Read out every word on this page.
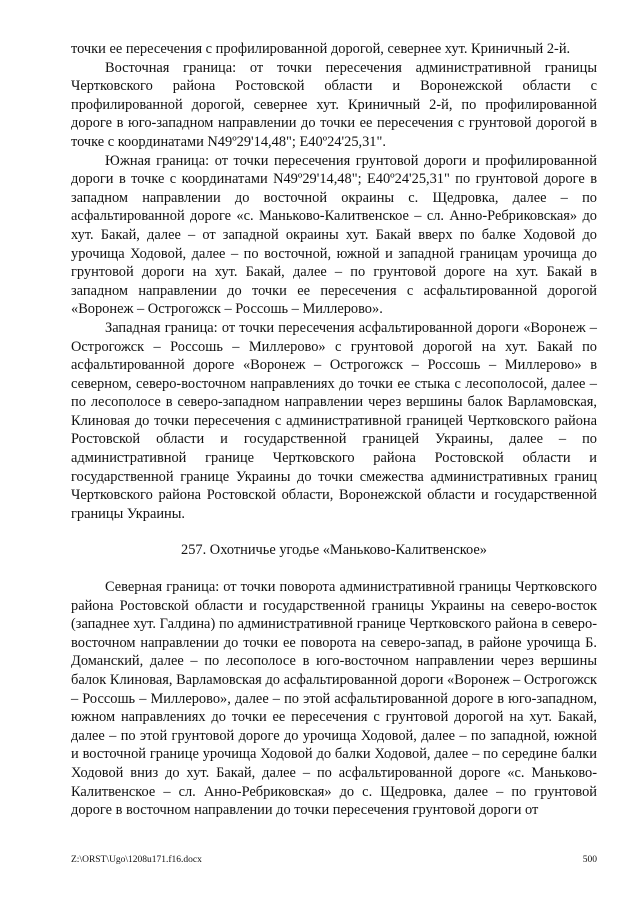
точки ее пересечения с профилированной дорогой, севернее хут. Криничный 2-й.

Восточная граница: от точки пересечения административной границы Чертковского района Ростовской области и Воронежской области с профилированной дорогой, севернее хут. Криничный 2-й, по профилированной дороге в юго-западном направлении до точки ее пересечения с грунтовой дорогой в точке с координатами N49º29'14,48"; E40º24'25,31".

Южная граница: от точки пересечения грунтовой дороги и профилированной дороги в точке с координатами N49º29'14,48"; E40º24'25,31" по грунтовой дороге в западном направлении до восточной окраины с. Щедровка, далее – по асфальтированной дороге «с. Маньково-Калитвенское – сл. Анно-Ребриковская» до хут. Бакай, далее – от западной окраины хут. Бакай вверх по балке Ходовой до урочища Ходовой, далее – по восточной, южной и западной границам урочища до грунтовой дороги на хут. Бакай, далее – по грунтовой дороге на хут. Бакай в западном направлении до точки ее пересечения с асфальтированной дорогой «Воронеж – Острогожск – Россошь – Миллерово».

Западная граница: от точки пересечения асфальтированной дороги «Воронеж – Острогожск – Россошь – Миллерово» с грунтовой дорогой на хут. Бакай по асфальтированной дороге «Воронеж – Острогожск – Россошь – Миллерово» в северном, северо-восточном направлениях до точки ее стыка с лесополосой, далее – по лесополосе в северо-западном направлении через вершины балок Варламовская, Клиновая до точки пересечения с административной границей Чертковского района Ростовской области и государственной границей Украины, далее – по административной границе Чертковского района Ростовской области и государственной границе Украины до точки смежества административных границ Чертковского района Ростовской области, Воронежской области и государственной границы Украины.

257. Охотничье угодье «Маньково-Калитвенское»

Северная граница: от точки поворота административной границы Чертковского района Ростовской области и государственной границы Украины на северо-восток (западнее хут. Галдина) по административной границе Чертковского района в северо-восточном направлении до точки ее поворота на северо-запад, в районе урочища Б. Доманский, далее – по лесополосе в юго-восточном направлении через вершины балок Клиновая, Варламовская до асфальтированной дороги «Воронеж – Острогожск – Россошь – Миллерово», далее – по этой асфальтированной дороге в юго-западном, южном направлениях до точки ее пересечения с грунтовой дорогой на хут. Бакай, далее – по этой грунтовой дороге до урочища Ходовой, далее – по западной, южной и восточной границе урочища Ходовой до балки Ходовой, далее – по середине балки Ходовой вниз до хут. Бакай, далее – по асфальтированной дороге «с. Маньково-Калитвенское – сл. Анно-Ребриковская» до с. Щедровка, далее – по грунтовой дороге в восточном направлении до точки пересечения грунтовой дороги от

Z:\ORST\Ugo\1208u171.f16.docx	500
